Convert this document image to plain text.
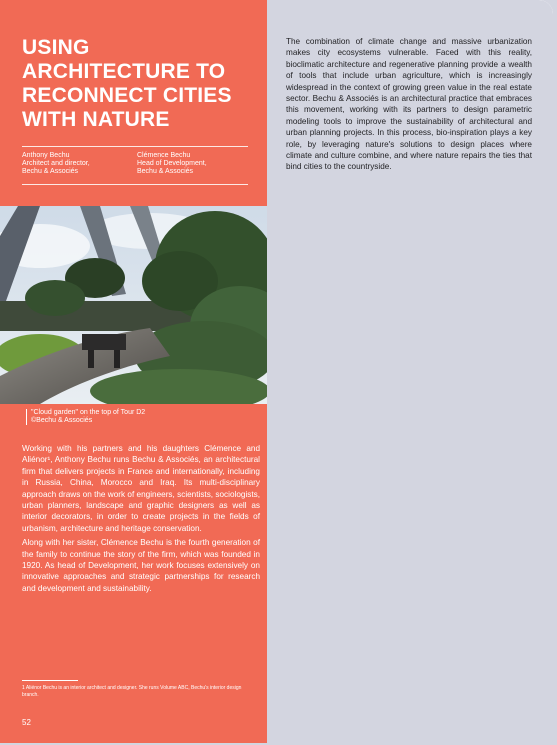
USING ARCHITECTURE TO RECONNECT CITIES WITH NATURE
Anthony Bechu
Architect and director,
Bechu & Associés
Clémence Bechu
Head of Development,
Bechu & Associés
"Cloud garden" on the top of Tour D2
©Bechu & Associés

Working with his partners and his daughters Clémence and Aliénor¹, Anthony Bechu runs Bechu & Associés, an architectural firm that delivers projects in France and internationally, including in Russia, China, Morocco and Iraq. Its multi-disciplinary approach draws on the work of engineers, scientists, sociologists, urban planners, landscape and graphic designers as well as interior decorators, in order to create projects in the fields of urbanism, architecture and heritage conservation.

Along with her sister, Clémence Bechu is the fourth generation of the family to continue the story of the firm, which was founded in 1920. As head of Development, her work focuses extensively on innovative approaches and strategic partnerships for research and development and sustainability.

1 Aliénor Bechu is an interior architect and designer. She runs Volume ABC, Bechu's interior design branch.
52

The combination of climate change and massive urbanization makes city ecosystems vulnerable. Faced with this reality, bioclimatic architecture and regenerative planning provide a wealth of tools that include urban agriculture, which is increasingly widespread in the context of growing green value in the real estate sector. Bechu & Associés is an architectural practice that embraces this movement, working with its partners to design parametric modeling tools to improve the sustainability of architectural and urban planning projects. In this process, bio-inspiration plays a key role, by leveraging nature's solutions to design places where climate and culture combine, and where nature repairs the ties that bind cities to the countryside.
